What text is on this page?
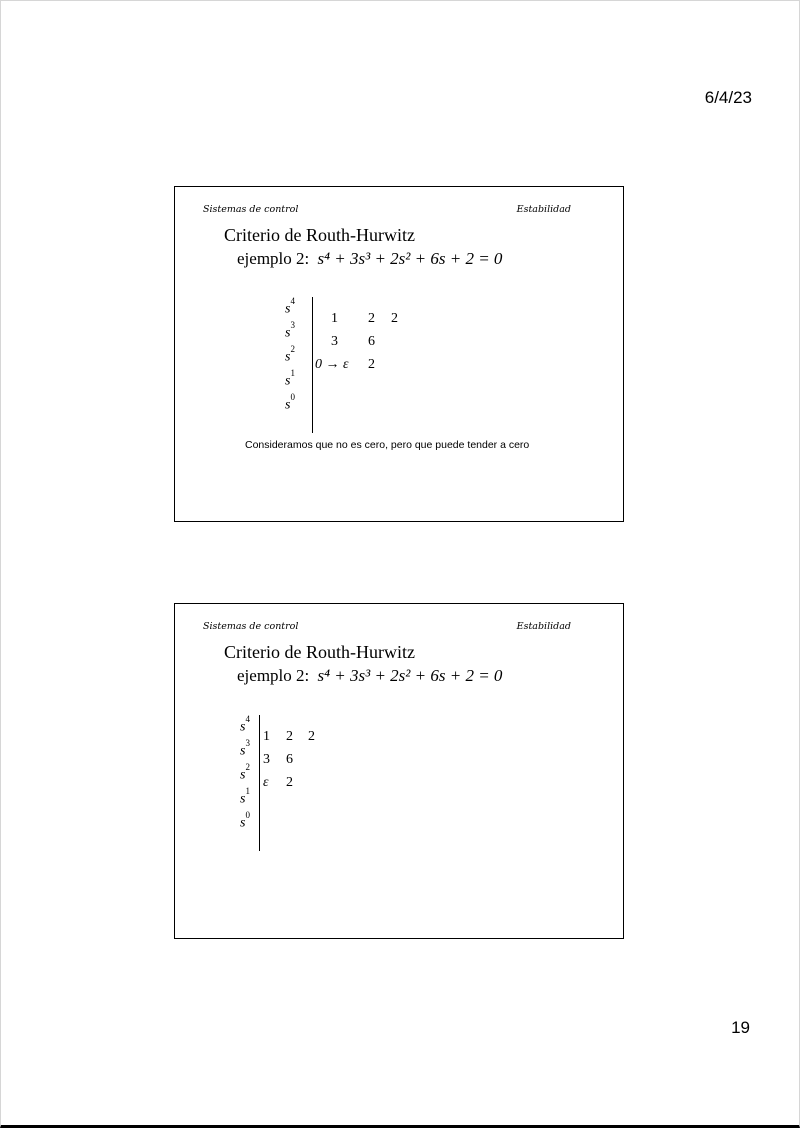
6/4/23
Sistemas de control	Estabilidad
Criterio de Routh-Hurwitz
ejemplo 2: s⁴ + 3s³ + 2s² + 6s + 2 = 0
$s^4$
$s^3$
$s^2$
$s^1$
$s^0$
1 2 2
3 6
0 → ε 2
Consideramos que no es cero, pero que puede tender a cero
Sistemas de control	Estabilidad
Criterio de Routh-Hurwitz
ejemplo 2: s⁴ + 3s³ + 2s² + 6s + 2 = 0
$s^4$
$s^3$
$s^2$
$s^1$
$s^0$
1 2 2
3 6
ε 2
19
